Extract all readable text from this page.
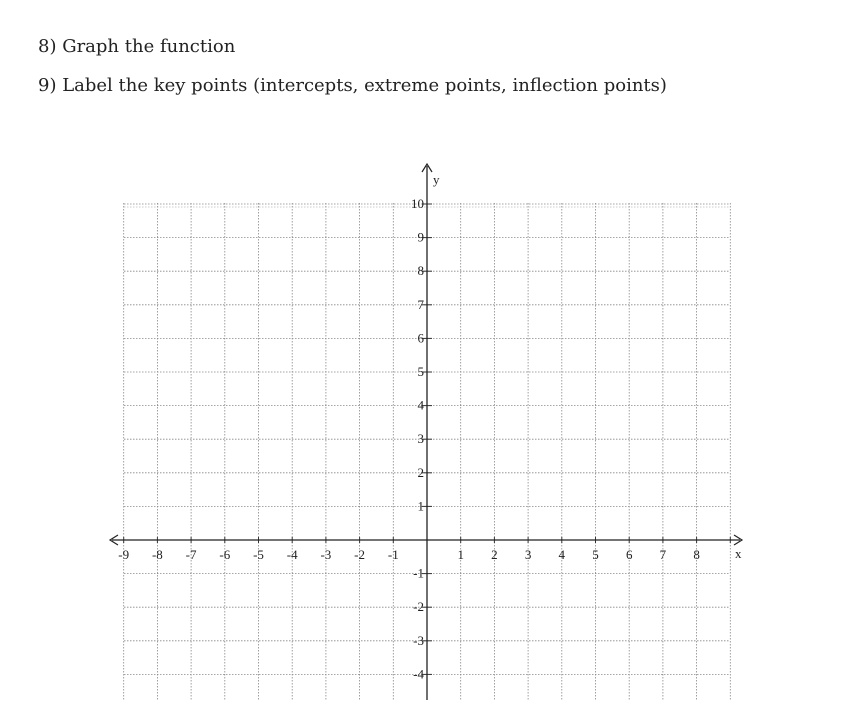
8) Graph the function
9) Label the key points (intercepts, extreme points, inflection points)
x
y
-9 -8 -7 -6 -5 -4 -3 -2 -1	1 2 3 4 5 6 7 8
10
9
8
7
6
5
4
3
2
1
-1
-2
-3
-4
